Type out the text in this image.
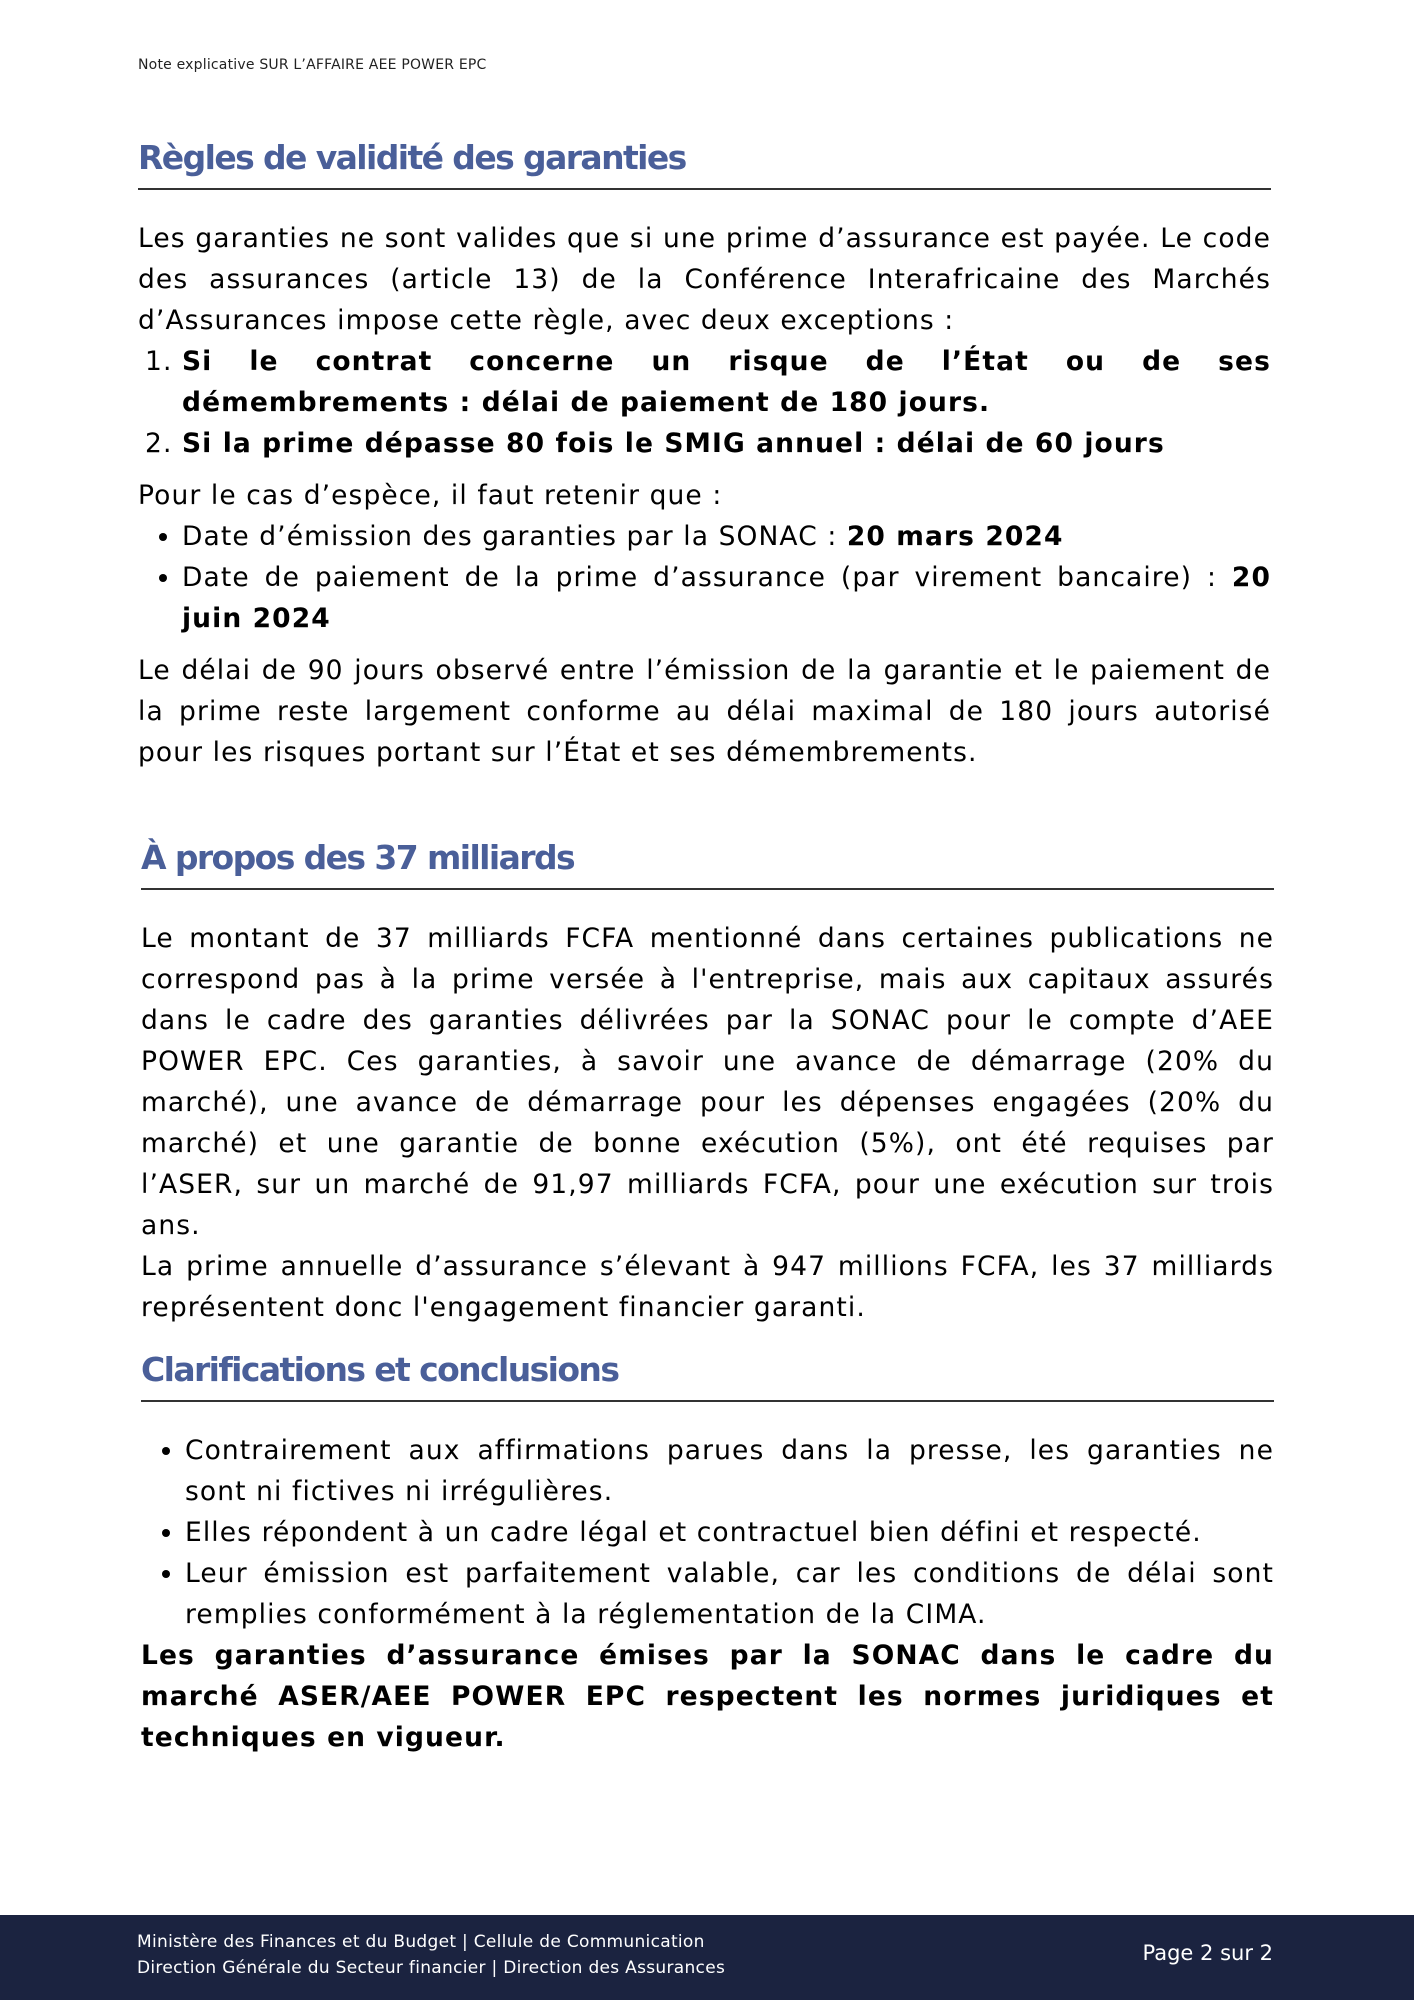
Note explicative SUR L’AFFAIRE AEE POWER EPC
Règles de validité des garanties

Les garanties ne sont valides que si une prime d’assurance est payée. Le code des assurances (article 13) de la Conférence Interafricaine des Marchés d’Assurances impose cette règle, avec deux exceptions :

1. Si le contrat concerne un risque de l’État ou de ses démembrements : délai de paiement de 180 jours.
2. Si la prime dépasse 80 fois le SMIG annuel : délai de 60 jours

Pour le cas d’espèce, il faut retenir que :

• Date d’émission des garanties par la SONAC : 20 mars 2024
• Date de paiement de la prime d’assurance (par virement bancaire) : 20 juin 2024

Le délai de 90 jours observé entre l’émission de la garantie et le paiement de la prime reste largement conforme au délai maximal de 180 jours autorisé pour les risques portant sur l’État et ses démembrements.

À propos des 37 milliards

Le montant de 37 milliards FCFA mentionné dans certaines publications ne correspond pas à la prime versée à l'entreprise, mais aux capitaux assurés dans le cadre des garanties délivrées par la SONAC pour le compte d’AEE POWER EPC. Ces garanties, à savoir une avance de démarrage (20% du marché), une avance de démarrage pour les dépenses engagées (20% du marché) et une garantie de bonne exécution (5%), ont été requises par l’ASER, sur un marché de 91,97 milliards FCFA, pour une exécution sur trois ans.

La prime annuelle d’assurance s’élevant à 947 millions FCFA, les 37 milliards représentent donc l'engagement financier garanti.

Clarifications et conclusions
• Contrairement aux affirmations parues dans la presse, les garanties ne sont ni fictives ni irrégulières.
• Elles répondent à un cadre légal et contractuel bien défini et respecté.
• Leur émission est parfaitement valable, car les conditions de délai sont remplies conformément à la réglementation de la CIMA.

Les garanties d’assurance émises par la SONAC dans le cadre du marché ASER/AEE POWER EPC respectent les normes juridiques et techniques en vigueur.

Ministère des Finances et du Budget | Cellule de Communication
Direction Générale du Secteur financier | Direction des Assurances
Page 2 sur 2
